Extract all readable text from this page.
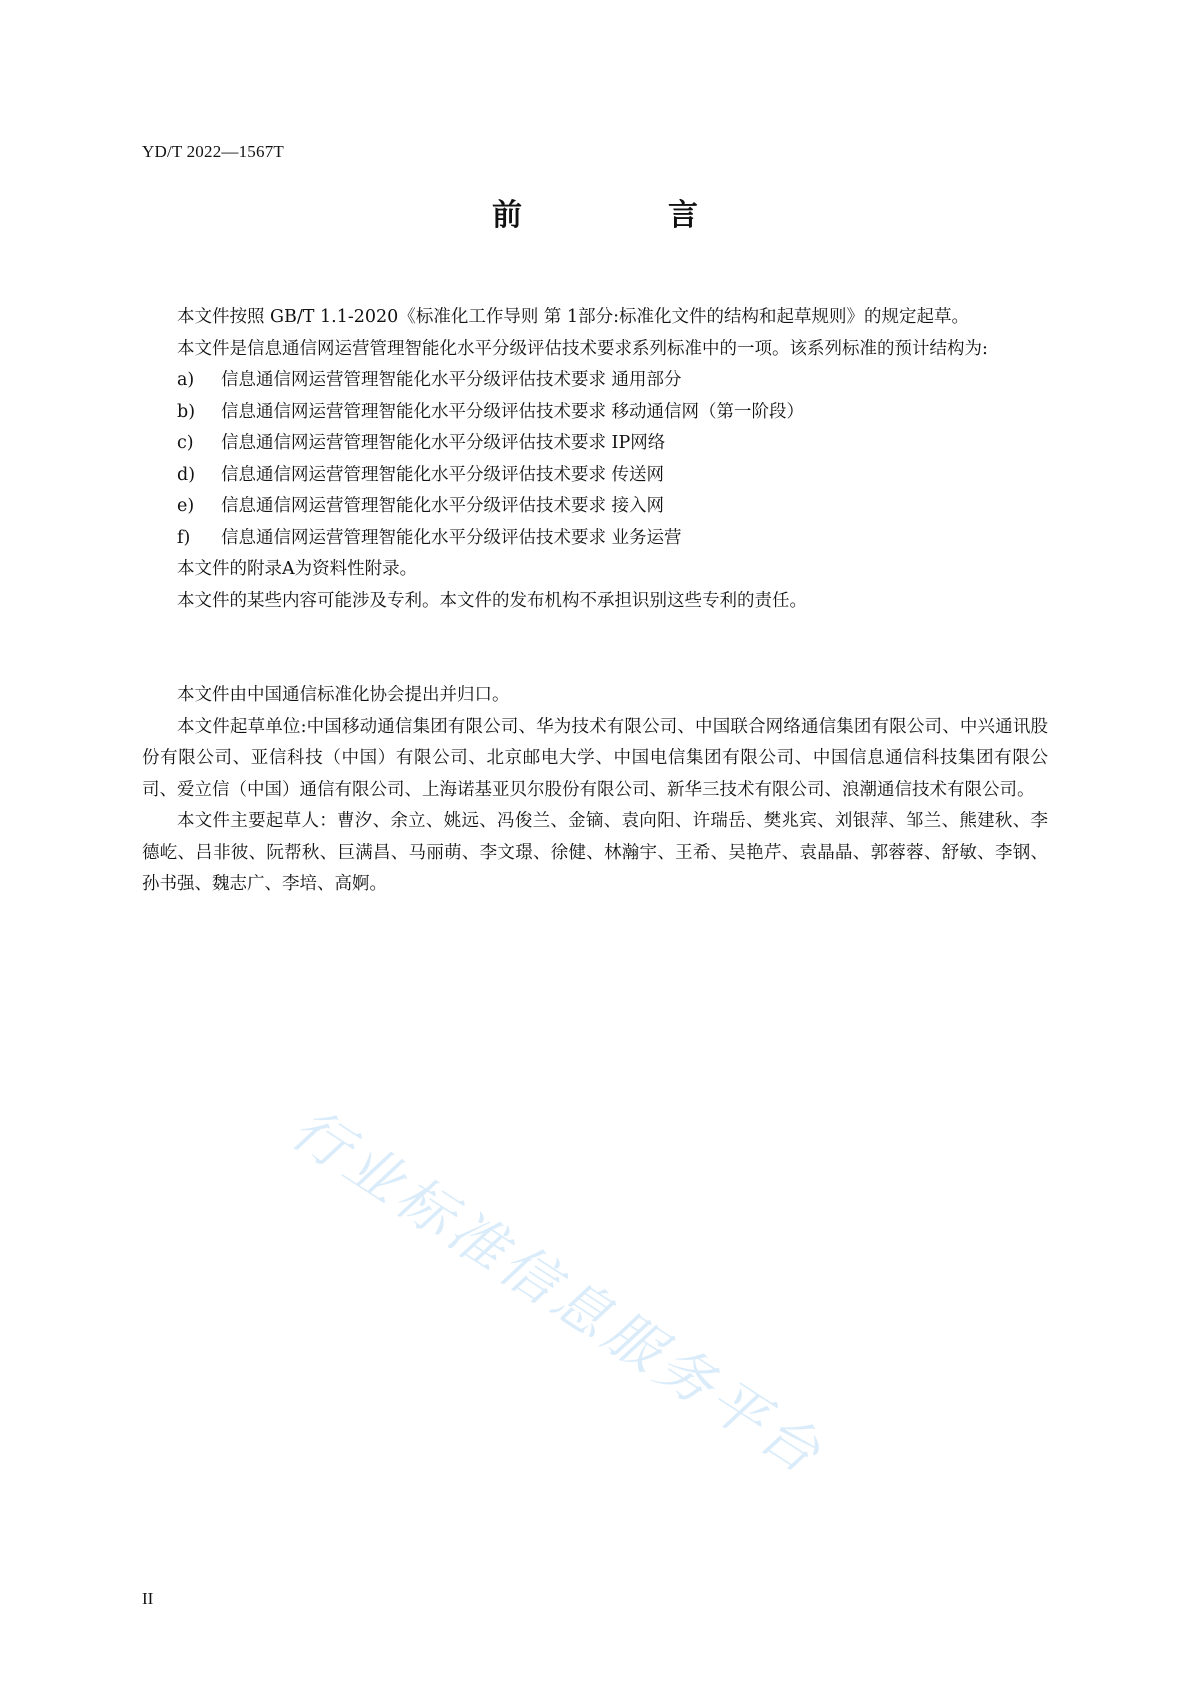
YD/T 2022—1567T
前　言

本文件按照 GB/T 1.1-2020《标准化工作导则 第 1部分:标准化文件的结构和起草规则》的规定起草。

本文件是信息通信网运营管理智能化水平分级评估技术要求系列标准中的一项。该系列标准的预计结构为:

a)	信息通信网运营管理智能化水平分级评估技术要求 通用部分
b)	信息通信网运营管理智能化水平分级评估技术要求 移动通信网（第一阶段）
c)	信息通信网运营管理智能化水平分级评估技术要求 IP网络
d)	信息通信网运营管理智能化水平分级评估技术要求 传送网
e)	信息通信网运营管理智能化水平分级评估技术要求 接入网
f)	信息通信网运营管理智能化水平分级评估技术要求 业务运营

本文件的附录A为资料性附录。

本文件的某些内容可能涉及专利。本文件的发布机构不承担识别这些专利的责任。

本文件由中国通信标准化协会提出并归口。

本文件起草单位:中国移动通信集团有限公司、华为技术有限公司、中国联合网络通信集团有限公司、中兴通讯股份有限公司、亚信科技（中国）有限公司、北京邮电大学、中国电信集团有限公司、中国信息通信科技集团有限公司、爱立信（中国）通信有限公司、上海诺基亚贝尔股份有限公司、新华三技术有限公司、浪潮通信技术有限公司。

本文件主要起草人：曹汐、余立、姚远、冯俊兰、金镝、袁向阳、许瑞岳、樊兆宾、刘银萍、邹兰、熊建秋、李德屹、吕非彼、阮帮秋、巨满昌、马丽萌、李文璟、徐健、林瀚宇、王希、吴艳芹、袁晶晶、郭蓉蓉、舒敏、李钢、孙书强、魏志广、李培、高婀。

行业标准信息服务平台
II
